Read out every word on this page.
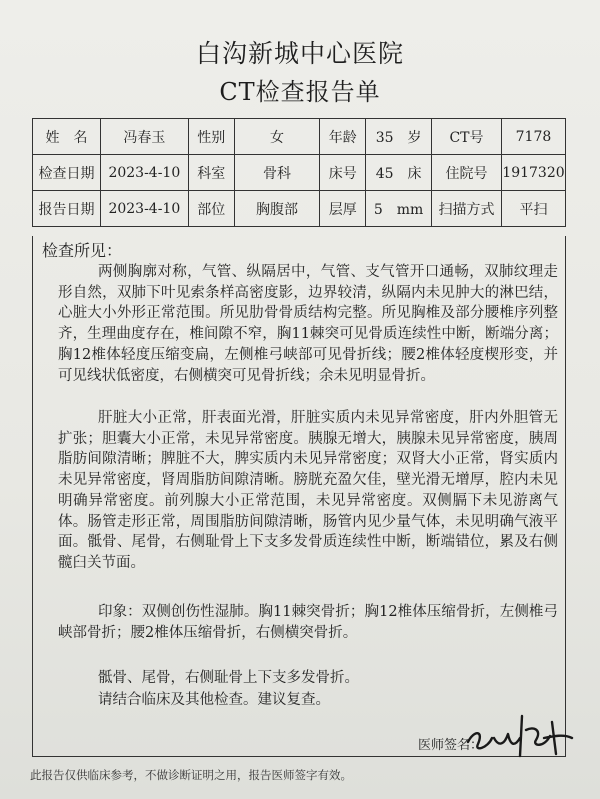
白沟新城中心医院
CT检查报告单
姓　名	冯春玉	性别	女	年龄	35　岁	CT号	7178
检查日期	2023-4-10	科室	骨科	床号	45　床	住院号	1917320
报告日期	2023-4-10	部位	胸腹部	层厚	5　mm	扫描方式	平扫
检查所见：
两侧胸廓对称，气管、纵隔居中，气管、支气管开口通畅，双肺纹理走形自然，双肺下叶见索条样高密度影，边界较清，纵隔内未见肿大的淋巴结，心脏大小外形正常范围。所见肋骨骨质结构完整。所见胸椎及部分腰椎序列整齐，生理曲度存在，椎间隙不窄，胸11棘突可见骨质连续性中断，断端分离；胸12椎体轻度压缩变扁，左侧椎弓峡部可见骨折线；腰2椎体轻度楔形变，并可见线状低密度，右侧横突可见骨折线；余未见明显骨折。
肝脏大小正常，肝表面光滑，肝脏实质内未见异常密度，肝内外胆管无扩张；胆囊大小正常，未见异常密度。胰腺无增大，胰腺未见异常密度，胰周脂肪间隙清晰；脾脏不大，脾实质内未见异常密度；双肾大小正常，肾实质内未见异常密度，肾周脂肪间隙清晰。膀胱充盈欠佳，壁光滑无增厚，腔内未见明确异常密度。前列腺大小正常范围，未见异常密度。双侧膈下未见游离气体。肠管走形正常，周围脂肪间隙清晰，肠管内见少量气体，未见明确气液平面。骶骨、尾骨，右侧耻骨上下支多发骨质连续性中断，断端错位，累及右侧髋臼关节面。
印象：双侧创伤性湿肺。胸11棘突骨折；胸12椎体压缩骨折，左侧椎弓峡部骨折；腰2椎体压缩骨折，右侧横突骨折。
骶骨、尾骨，右侧耻骨上下支多发骨折。
请结合临床及其他检查。建议复查。
医师签名：
此报告仅供临床参考，不做诊断证明之用，报告医师签字有效。
